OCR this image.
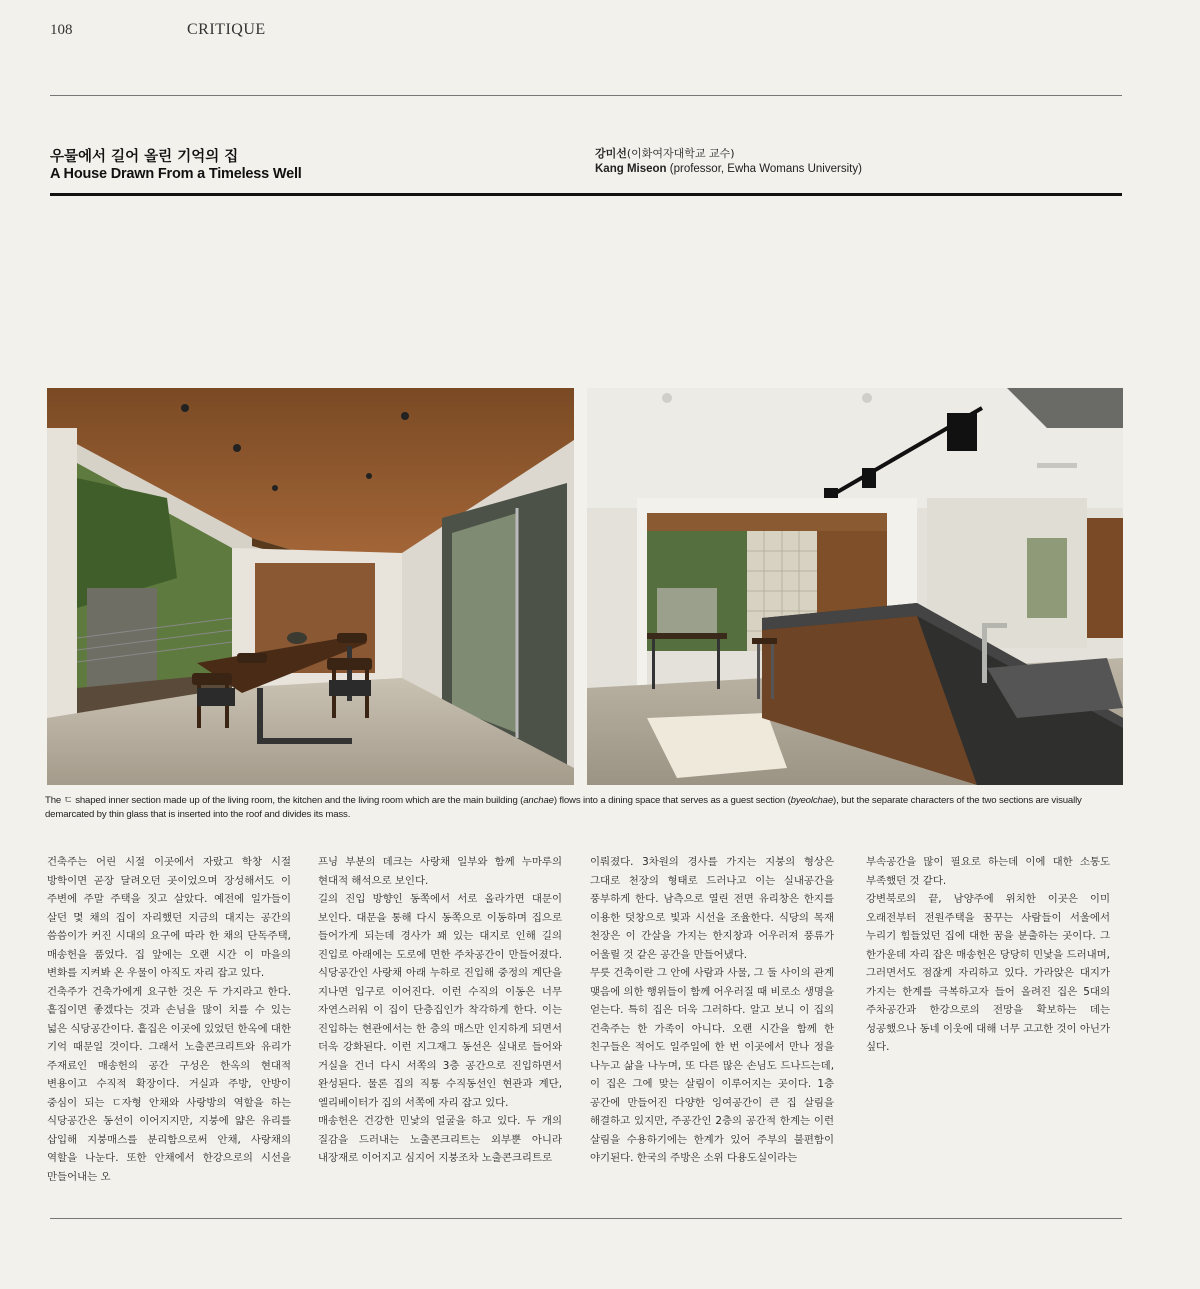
108	CRITIQUE
우물에서 길어 올린 기억의 집
A House Drawn From a Timeless Well
강미선(이화여자대학교 교수)
Kang Miseon (professor, Ewha Womans University)
The ㄷ shaped inner section made up of the living room, the kitchen and the living room which are the main building (anchae) flows into a dining space that serves as a guest section (byeolchae), but the separate characters of the two sections are visually demarcated by thin glass that is inserted into the roof and divides its mass.

건축주는 어린 시절 이곳에서 자랐고 학창 시절 방학이면 곧장 달려오던 곳이었으며 장성해서도 이 주변에 주말 주택을 짓고 살았다. 예전에 일가들이 살던 몇 채의 집이 자리했던 지금의 대지는 공간의 씀씀이가 커진 시대의 요구에 따라 한 채의 단독주택, 매송헌을 품었다. 집 앞에는 오랜 시간 이 마을의 변화를 지켜봐 온 우물이 아직도 자리 잡고 있다.

건축주가 건축가에게 요구한 것은 두 가지라고 한다. 흩집이면 좋겠다는 것과 손님을 많이 치를 수 있는 넓은 식당공간이다. 흩집은 이곳에 있었던 한옥에 대한 기억 때문일 것이다. 그래서 노출콘크리트와 유리가 주재료인 매송헌의 공간 구성은 한옥의 현대적 변용이고 수직적 확장이다. 거실과 주방, 안방이 중심이 되는 ㄷ자형 안채와 사랑방의 역할을 하는 식당공간은 동선이 이어지지만, 지붕에 얇은 유리를 삽입해 지붕매스를 분리함으로써 안채, 사랑채의 역할을 나눈다. 또한 안채에서 한강으로의 시선을 만들어내는 오

프닝 부분의 데크는 사랑채 일부와 함께 누마루의 현대적 해석으로 보인다.

길의 진입 방향인 동쪽에서 서로 올라가면 대문이 보인다. 대문을 통해 다시 동쪽으로 이동하며 집으로 들어가게 되는데 경사가 꽤 있는 대지로 인해 길의 진입로 아래에는 도로에 면한 주차공간이 만들어졌다. 식당공간인 사랑채 아래 누하로 진입해 중정의 계단을 지나면 입구로 이어진다. 이런 수직의 이동은 너무 자연스러워 이 집이 단층집인가 착각하게 한다. 이는 진입하는 현관에서는 한 층의 매스만 인지하게 되면서 더욱 강화된다. 이런 지그재그 동선은 실내로 들어와 거실을 건너 다시 서쪽의 3층 공간으로 진입하면서 완성된다. 물론 집의 직통 수직동선인 현관과 계단, 엘리베이터가 집의 서쪽에 자리 잡고 있다.

매송헌은 건강한 민낯의 얼굴을 하고 있다. 두 개의 질감을 드러내는 노출콘크리트는 외부뿐 아니라 내장재로 이어지고 심지어 지붕조차 노출콘크리트로

이뤄졌다. 3차원의 경사를 가지는 지붕의 형상은 그대로 천장의 형태로 드러나고 이는 실내공간을 풍부하게 한다. 남측으로 열린 전면 유리창은 한지를 이용한 덧창으로 빛과 시선을 조율한다. 식당의 목재 천장은 이 간살을 가지는 한지창과 어우러져 풍류가 어울릴 것 같은 공간을 만들어냈다.

무릇 건축이란 그 안에 사람과 사물, 그 둘 사이의 관계 맺음에 의한 행위들이 함께 어우러질 때 비로소 생명을 얻는다. 특히 집은 더욱 그러하다. 알고 보니 이 집의 건축주는 한 가족이 아니다. 오랜 시간을 함께 한 친구들은 적어도 일주일에 한 번 이곳에서 만나 정을 나누고 삶을 나누며, 또 다른 많은 손님도 드나드는데, 이 집은 그에 맞는 살림이 이루어지는 곳이다. 1층 공간에 만들어진 다양한 잉여공간이 큰 집 살림을 해결하고 있지만, 주공간인 2층의 공간적 한계는 이런 살림을 수용하기에는 한계가 있어 주부의 불편함이 야기된다. 한국의 주방은 소위 다용도실이라는

부속공간을 많이 필요로 하는데 이에 대한 소통도 부족했던 것 같다.

강변북로의 끝, 남양주에 위치한 이곳은 이미 오래전부터 전원주택을 꿈꾸는 사람들이 서울에서 누리기 힘들었던 집에 대한 꿈을 분출하는 곳이다. 그 한가운데 자리 잡은 매송헌은 당당히 민낯을 드러내며, 그러면서도 점잖게 자리하고 있다. 가라앉은 대지가 가지는 한계를 극복하고자 들어 올려진 집은 5대의 주차공간과 한강으로의 전망을 확보하는 데는 성공했으나 동네 이웃에 대해 너무 고고한 것이 아닌가 싶다.
